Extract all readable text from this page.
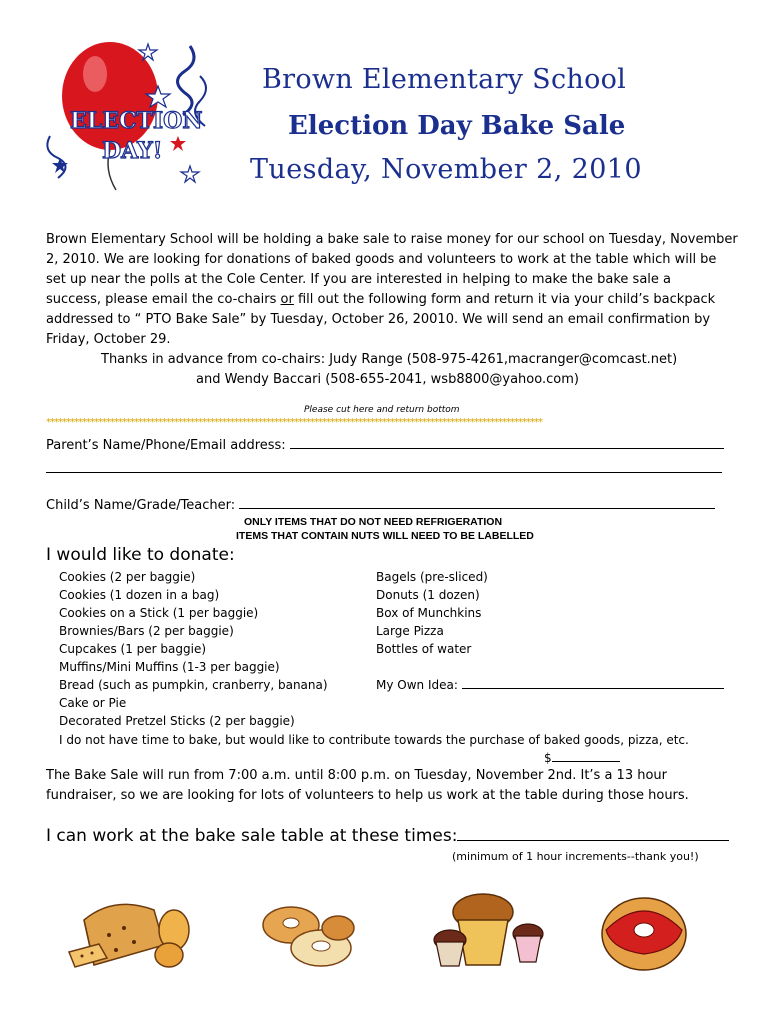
ELECTION
DAY!
Brown Elementary School
Election Day Bake Sale
Tuesday, November 2, 2010
Brown Elementary School will be holding a bake sale to raise money for our school on Tuesday, November
2, 2010. We are looking for donations of baked goods and volunteers to work at the table which will be
set up near the polls at the Cole Center. If you are interested in helping to make the bake sale a
success, please email the co-chairs or fill out the following form and return it via your child’s backpack
addressed to “ PTO Bake Sale” by Tuesday, October 26, 20010. We will send an email confirmation by
Friday, October 29.
Thanks in advance from co-chairs: Judy Range (508-975-4261,macranger@comcast.net)
and Wendy Baccari (508-655-2041, wsb8800@yahoo.com)
Please cut here and return bottom
****************************************************************************************************************************
Parent’s Name/Phone/Email address:
Child’s Name/Grade/Teacher:
ONLY ITEMS THAT DO NOT NEED REFRIGERATION
ITEMS THAT CONTAIN NUTS WILL NEED TO BE LABELLED
I would like to donate:
Cookies (2 per baggie)
Cookies (1 dozen in a bag)
Cookies on a Stick (1 per baggie)
Brownies/Bars (2 per baggie)
Cupcakes (1 per baggie)
Muffins/Mini Muffins (1-3 per baggie)
Bread (such as pumpkin, cranberry, banana)
Cake or Pie
Decorated Pretzel Sticks (2 per baggie)
Bagels (pre-sliced)
Donuts (1 dozen)
Box of Munchkins
Large Pizza
Bottles of water
My Own Idea:
I do not have time to bake, but would like to contribute towards the purchase of baked goods, pizza, etc.
$
The Bake Sale will run from 7:00 a.m. until 8:00 p.m. on Tuesday, November 2nd. It’s a 13 hour
fundraiser, so we are looking for lots of volunteers to help us work at the table during those hours.
I can work at the bake sale table at these times:
(minimum of 1 hour increments--thank you!)
